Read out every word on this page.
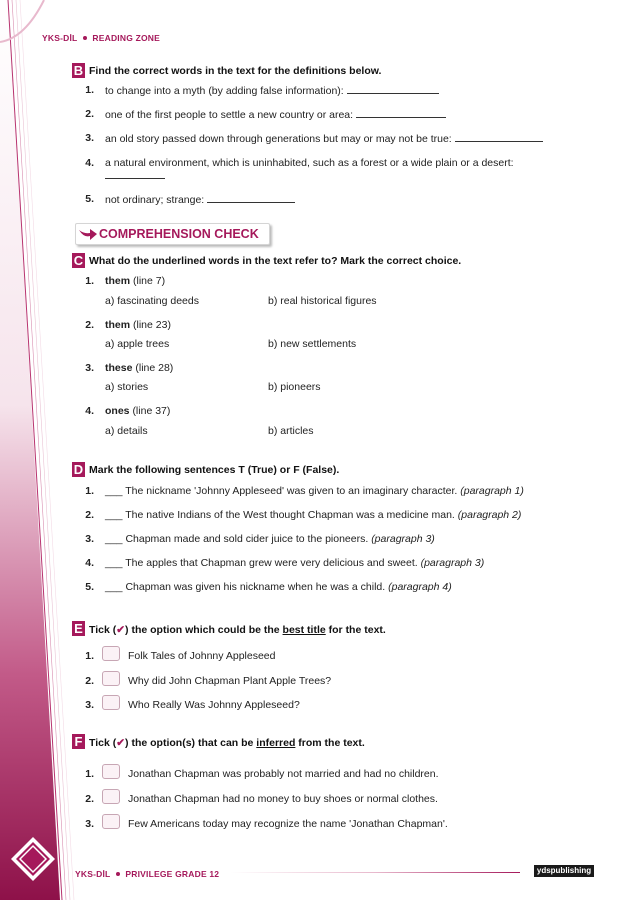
YKS-DİL READING ZONE
B Find the correct words in the text for the definitions below.
1. to change into a myth (by adding false information):
2. one of the first people to settle a new country or area:
3. an old story passed down through generations but may or may not be true:
4. a natural environment, which is uninhabited, such as a forest or a wide plain or a desert:
5. not ordinary; strange:
COMPREHENSION CHECK
C What do the underlined words in the text refer to? Mark the correct choice.
1. them (line 7)
a) fascinating deeds	b) real historical figures
2. them (line 23)
a) apple trees	b) new settlements
3. these (line 28)
a) stories	b) pioneers
4. ones (line 37)
a) details	b) articles
D Mark the following sentences T (True) or F (False).
1. ___ The nickname 'Johnny Appleseed' was given to an imaginary character. (paragraph 1)
2. ___ The native Indians of the West thought Chapman was a medicine man. (paragraph 2)
3. ___ Chapman made and sold cider juice to the pioneers. (paragraph 3)
4. ___ The apples that Chapman grew were very delicious and sweet. (paragraph 3)
5. ___ Chapman was given his nickname when he was a child. (paragraph 4)
E Tick (✔) the option which could be the best title for the text.
1.	Folk Tales of Johnny Appleseed
2.	Why did John Chapman Plant Apple Trees?
3.	Who Really Was Johnny Appleseed?
F Tick (✔) the option(s) that can be inferred from the text.
1.	Jonathan Chapman was probably not married and had no children.
2.	Jonathan Chapman had no money to buy shoes or normal clothes.
3.	Few Americans today may recognize the name 'Jonathan Chapman'.
YKS-DİL PRIVILEGE GRADE 12	ydspublishing
